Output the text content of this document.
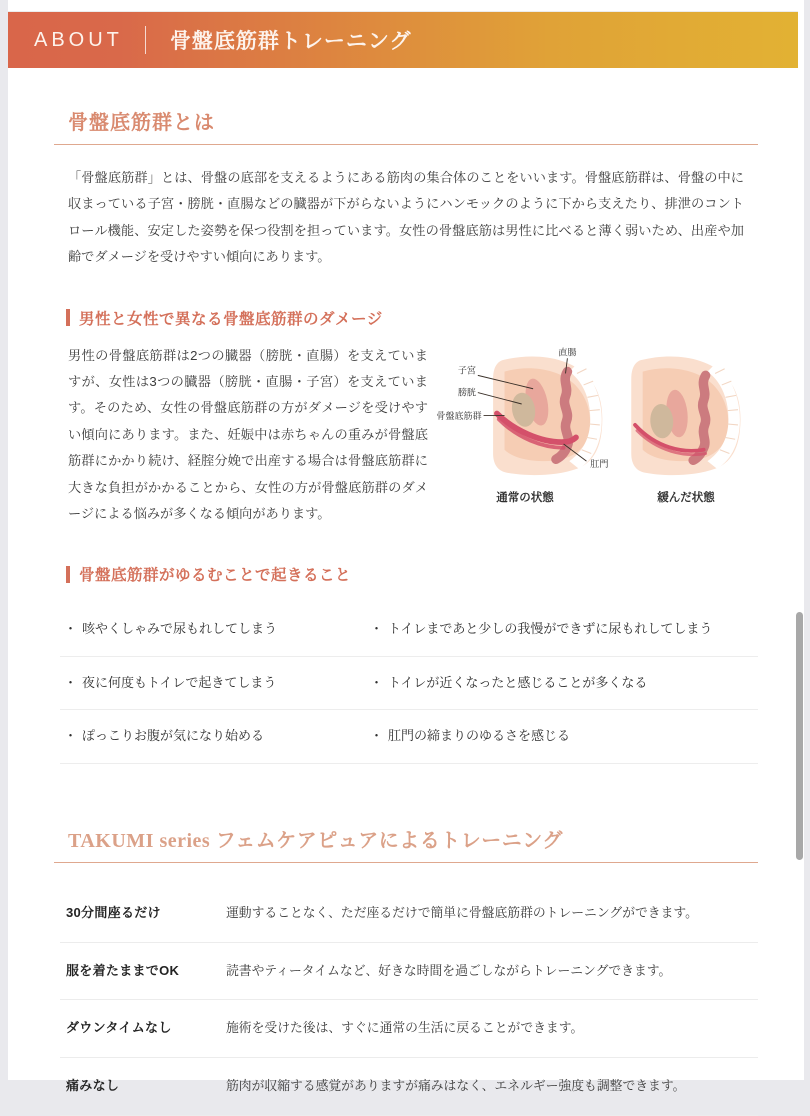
ABOUT 骨盤底筋群トレーニング
骨盤底筋群とは

「骨盤底筋群」とは、骨盤の底部を支えるようにある筋肉の集合体のことをいいます。骨盤底筋群は、骨盤の中に収まっている子宮・膀胱・直腸などの臓器が下がらないようにハンモックのように下から支えたり、排泄のコントロール機能、安定した姿勢を保つ役割を担っています。女性の骨盤底筋は男性に比べると薄く弱いため、出産や加齢でダメージを受けやすい傾向にあります。

男性と女性で異なる骨盤底筋群のダメージ
男性の骨盤底筋群は2つの臓器（膀胱・直腸）を支えていますが、女性は3つの臓器（膀胱・直腸・子宮）を支えています。そのため、女性の骨盤底筋群の方がダメージを受けやすい傾向にあります。また、妊娠中は赤ちゃんの重みが骨盤底筋群にかかり続け、経腟分娩で出産する場合は骨盤底筋群に大きな負担がかかることから、女性の方が骨盤底筋群のダメージによる悩みが多くなる傾向があります。
子宮
膀胱
骨盤底筋群
直腸
肛門
通常の状態	緩んだ状態
骨盤底筋群がゆるむことで起きること
・ 咳やくしゃみで尿もれしてしまう	・ トイレまであと少しの我慢ができずに尿もれしてしまう
・ 夜に何度もトイレで起きてしまう	・ トイレが近くなったと感じることが多くなる
・ ぽっこりお腹が気になり始める	・ 肛門の締まりのゆるさを感じる
TAKUMI series フェムケアピュアによるトレーニング
30分間座るだけ	運動することなく、ただ座るだけで簡単に骨盤底筋群のトレーニングができます。
服を着たままでOK	読書やティータイムなど、好きな時間を過ごしながらトレーニングできます。
ダウンタイムなし	施術を受けた後は、すぐに通常の生活に戻ることができます。
痛みなし	筋肉が収縮する感覚がありますが痛みはなく、エネルギー強度も調整できます。
